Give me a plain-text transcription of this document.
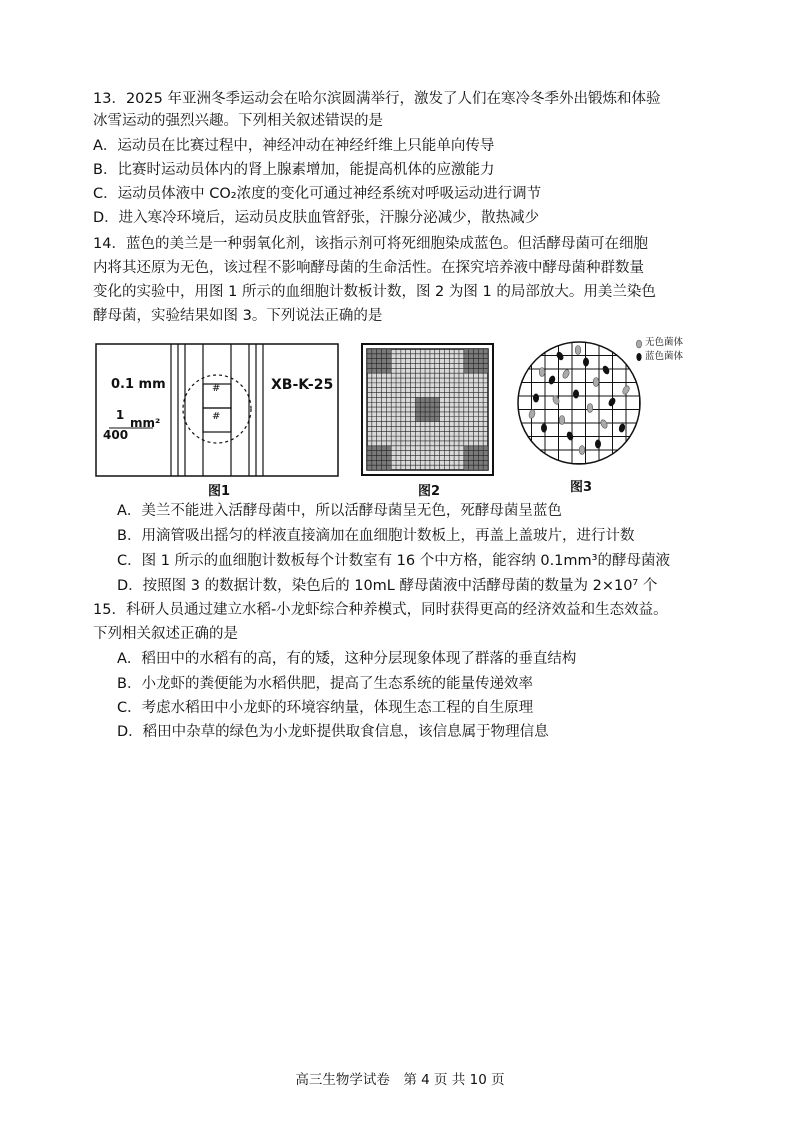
13．2025 年亚洲冬季运动会在哈尔滨圆满举行，激发了人们在寒冷冬季外出锻炼和体验
冰雪运动的强烈兴趣。下列相关叙述错误的是
A．运动员在比赛过程中，神经冲动在神经纤维上只能单向传导
B．比赛时运动员体内的肾上腺素增加，能提高机体的应激能力
C．运动员体液中 CO₂浓度的变化可通过神经系统对呼吸运动进行调节
D．进入寒冷环境后，运动员皮肤血管舒张，汗腺分泌减少，散热减少
14．蓝色的美兰是一种弱氧化剂，该指示剂可将死细胞染成蓝色。但活酵母菌可在细胞
内将其还原为无色，该过程不影响酵母菌的生命活性。在探究培养液中酵母菌种群数量
变化的实验中，用图 1 所示的血细胞计数板计数，图 2 为图 1 的局部放大。用美兰染色
酵母菌，实验结果如图 3。下列说法正确的是
0.1 mm
1
400
mm²
XB-K-25
#
#
图1	图2
无色菌体
蓝色菌体
图3
A．美兰不能进入活酵母菌中，所以活酵母菌呈无色，死酵母菌呈蓝色
B．用滴管吸出摇匀的样液直接滴加在血细胞计数板上，再盖上盖玻片，进行计数
C．图 1 所示的血细胞计数板每个计数室有 16 个中方格，能容纳 0.1mm³的酵母菌液
D．按照图 3 的数据计数，染色后的 10mL 酵母菌液中活酵母菌的数量为 2×10⁷ 个
15．科研人员通过建立水稻-小龙虾综合种养模式，同时获得更高的经济效益和生态效益。
下列相关叙述正确的是
A．稻田中的水稻有的高，有的矮，这种分层现象体现了群落的垂直结构
B．小龙虾的粪便能为水稻供肥，提高了生态系统的能量传递效率
C．考虑水稻田中小龙虾的环境容纳量，体现生态工程的自生原理
D．稻田中杂草的绿色为小龙虾提供取食信息，该信息属于物理信息
高三生物学试卷　第 4 页 共 10 页
